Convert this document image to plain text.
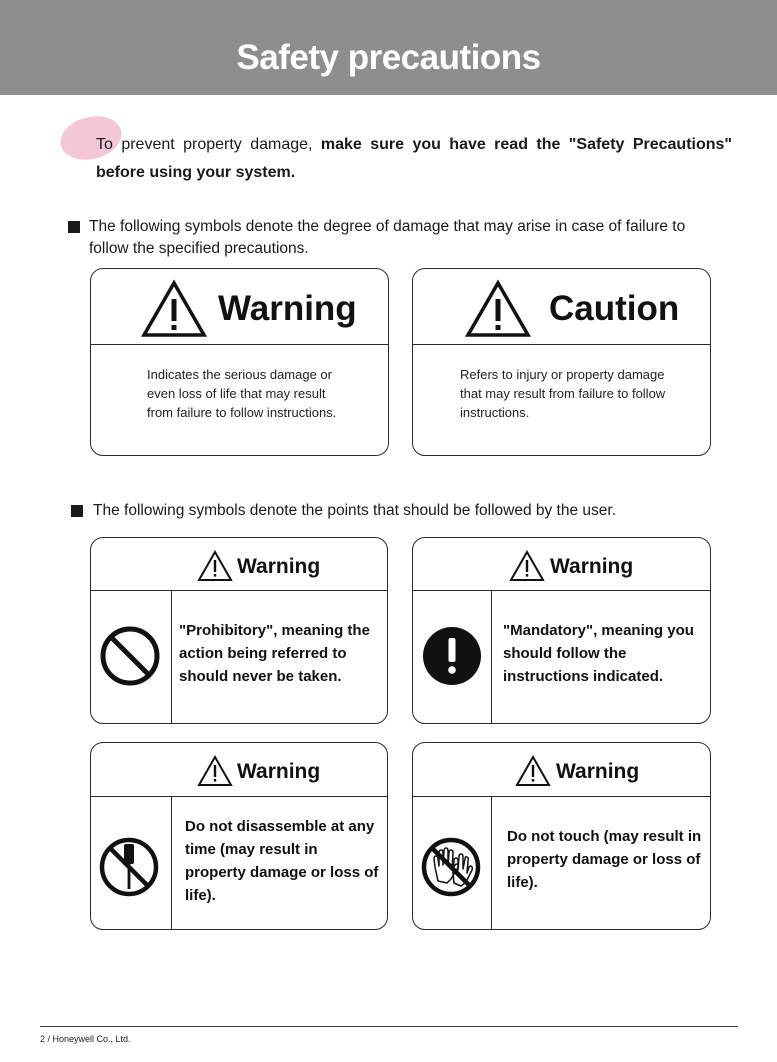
Safety precautions

To prevent property damage, make sure you have read the "Safety Precautions" before using your system.

The following symbols denote the degree of damage that may arise in case of failure to follow the specified precautions.

Warning

Indicates the serious damage or even loss of life that may result from failure to follow instructions.

Caution

Refers to injury or property damage that may result from failure to follow instructions.

The following symbols denote the points that should be followed by the user.

Warning

"Prohibitory", meaning the action being referred to should never be taken.

Warning

"Mandatory", meaning you should follow the instructions indicated.

Warning

Do not disassemble at any time (may result in property damage or loss of life).

Warning

Do not touch (may result in property damage or loss of life).

2 / Honeywell Co., Ltd.
